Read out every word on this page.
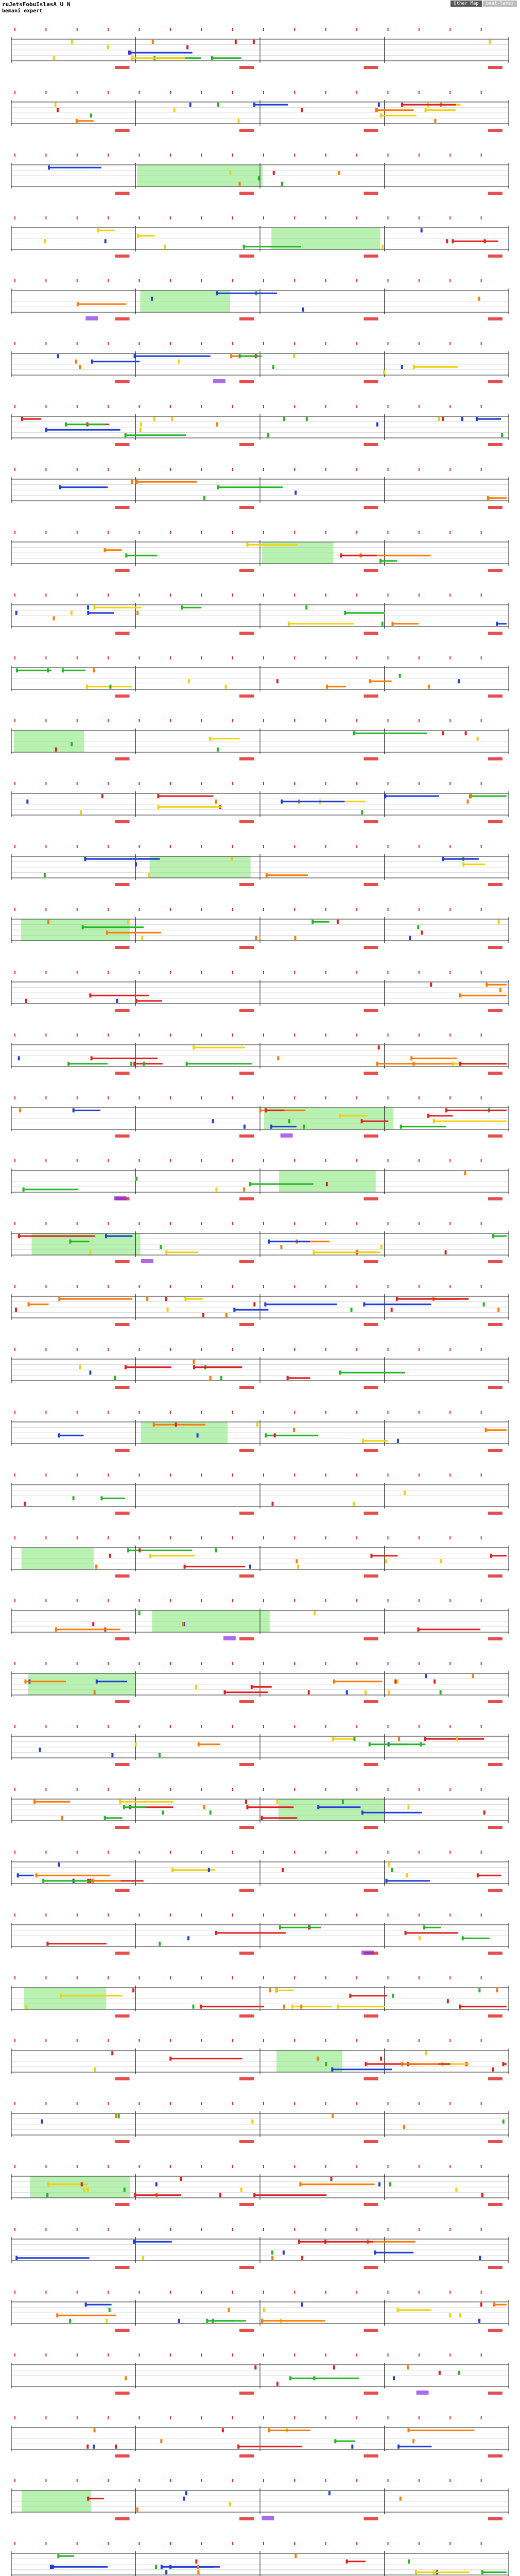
ruJetsFobuIslasA U N
bemani expert
Other Map	beat-lanes
